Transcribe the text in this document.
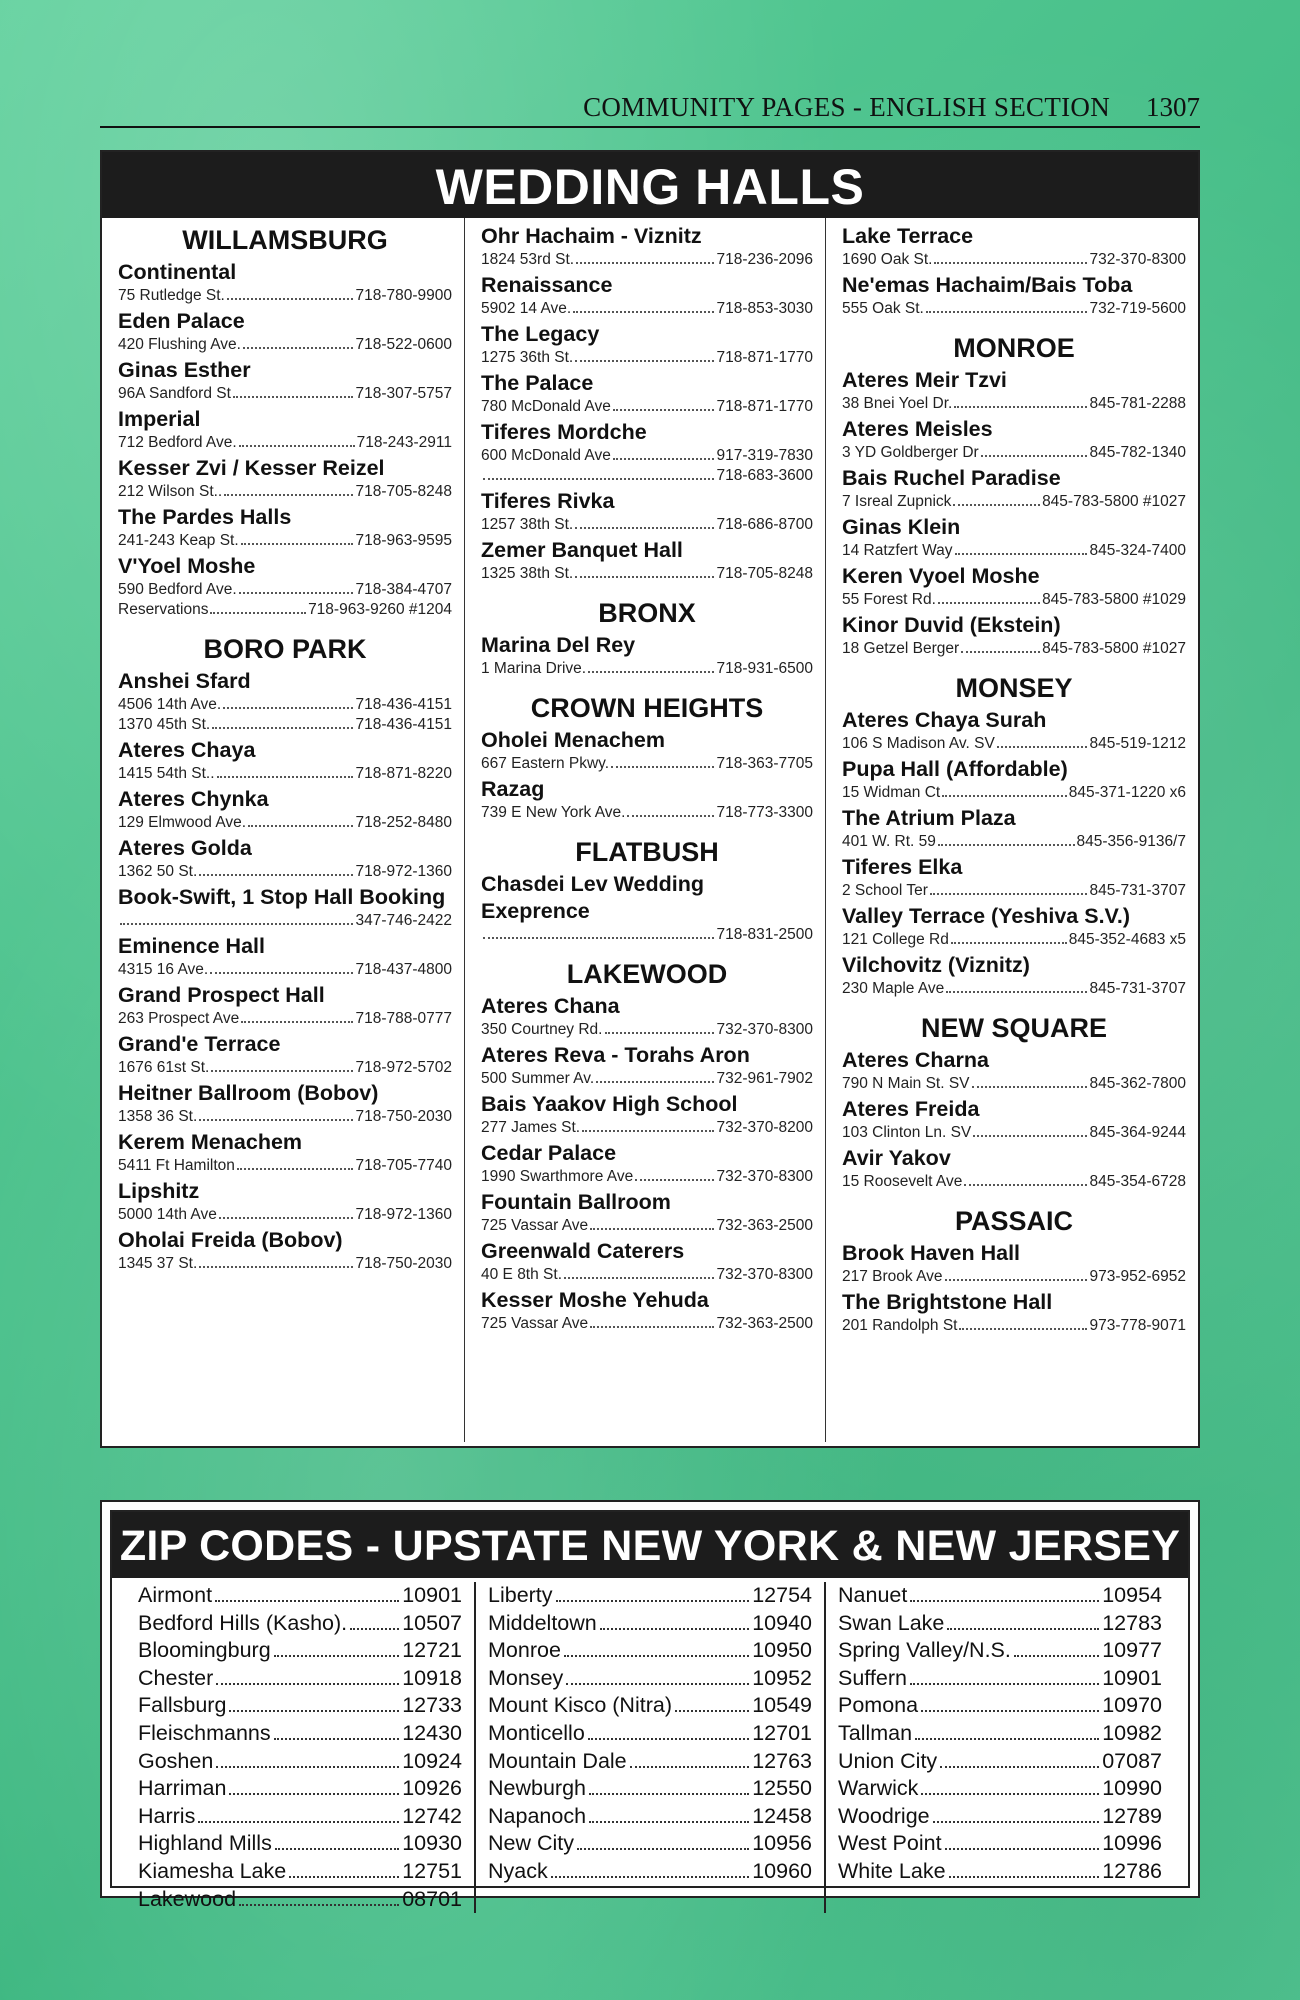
COMMUNITY PAGES - ENGLISH SECTION 1307
WEDDING HALLS
WILLAMSBURG
Continental
75 Rutledge St.	718-780-9900
Eden Palace
420 Flushing Ave.	718-522-0600
Ginas Esther
96A Sandford St	718-307-5757
Imperial
712 Bedford Ave.	718-243-2911
Kesser Zvi / Kesser Reizel
212 Wilson St..	718-705-8248
The Pardes Halls
241-243 Keap St.	718-963-9595
V'Yoel Moshe
590 Bedford Ave.	718-384-4707
Reservations	718-963-9260 #1204
BORO PARK
Anshei Sfard
4506 14th Ave.	718-436-4151
1370 45th St.	718-436-4151
Ateres Chaya
1415 54th St..	718-871-8220
Ateres Chynka
129 Elmwood Ave.	718-252-8480
Ateres Golda
1362 50 St.	718-972-1360
Book-Swift, 1 Stop Hall Booking
347-746-2422
Eminence Hall
4315 16 Ave.	718-437-4800
Grand Prospect Hall
263 Prospect Ave	718-788-0777
Grand'e Terrace
1676 61st St.	718-972-5702
Heitner Ballroom (Bobov)
1358 36 St.	718-750-2030
Kerem Menachem
5411 Ft Hamilton	718-705-7740
Lipshitz
5000 14th Ave	718-972-1360
Oholai Freida (Bobov)
1345 37 St.	718-750-2030
Ohr Hachaim - Viznitz
1824 53rd St.	718-236-2096
Renaissance
5902 14 Ave.	718-853-3030
The Legacy
1275 36th St.	718-871-1770
The Palace
780 McDonald Ave	718-871-1770
Tiferes Mordche
600 McDonald Ave	917-319-7830
718-683-3600
Tiferes Rivka
1257 38th St.	718-686-8700
Zemer Banquet Hall
1325 38th St.	718-705-8248
BRONX
Marina Del Rey
1 Marina Drive.	718-931-6500
CROWN HEIGHTS
Oholei Menachem
667 Eastern Pkwy.	718-363-7705
Razag
739 E New York Ave.	718-773-3300
FLATBUSH
Chasdei Lev Wedding Exeprence
718-831-2500
LAKEWOOD
Ateres Chana
350 Courtney Rd.	732-370-8300
Ateres Reva - Torahs Aron
500 Summer Av.	732-961-7902
Bais Yaakov High School
277 James St.	732-370-8200
Cedar Palace
1990 Swarthmore Ave	732-370-8300
Fountain Ballroom
725 Vassar Ave	732-363-2500
Greenwald Caterers
40 E 8th St.	732-370-8300
Kesser Moshe Yehuda
725 Vassar Ave	732-363-2500
Lake Terrace
1690 Oak St.	732-370-8300
Ne'emas Hachaim/Bais Toba
555 Oak St.	732-719-5600
MONROE
Ateres Meir Tzvi
38 Bnei Yoel Dr.	845-781-2288
Ateres Meisles
3 YD Goldberger Dr	845-782-1340
Bais Ruchel Paradise
7 Isreal Zupnick	845-783-5800 #1027
Ginas Klein
14 Ratzfert Way	845-324-7400
Keren Vyoel Moshe
55 Forest Rd.	845-783-5800 #1029
Kinor Duvid (Ekstein)
18 Getzel Berger	845-783-5800 #1027
MONSEY
Ateres Chaya Surah
106 S Madison Av. SV	845-519-1212
Pupa Hall (Affordable)
15 Widman Ct	845-371-1220 x6
The Atrium Plaza
401 W. Rt. 59	845-356-9136/7
Tiferes Elka
2 School Ter	845-731-3707
Valley Terrace (Yeshiva S.V.)
121 College Rd	845-352-4683 x5
Vilchovitz (Viznitz)
230 Maple Ave	845-731-3707
NEW SQUARE
Ateres Charna
790 N Main St. SV	845-362-7800
Ateres Freida
103 Clinton Ln. SV	845-364-9244
Avir Yakov
15 Roosevelt Ave	845-354-6728
PASSAIC
Brook Haven Hall
217 Brook Ave	973-952-6952
The Brightstone Hall
201 Randolph St	973-778-9071
ZIP CODES - UPSTATE NEW YORK & NEW JERSEY
Airmont	10901
Bedford Hills (Kasho).	10507
Bloomingburg	12721
Chester	10918
Fallsburg	12733
Fleischmanns	12430
Goshen	10924
Harriman	10926
Harris	12742
Highland Mills	10930
Kiamesha Lake	12751
Lakewood	08701
Liberty	12754
Middeltown	10940
Monroe	10950
Monsey	10952
Mount Kisco (Nitra)	10549
Monticello	12701
Mountain Dale	12763
Newburgh	12550
Napanoch	12458
New City	10956
Nyack	10960
Nanuet	10954
Swan Lake	12783
Spring Valley/N.S.	10977
Suffern	10901
Pomona	10970
Tallman	10982
Union City	07087
Warwick	10990
Woodrige	12789
West Point	10996
White Lake	12786
